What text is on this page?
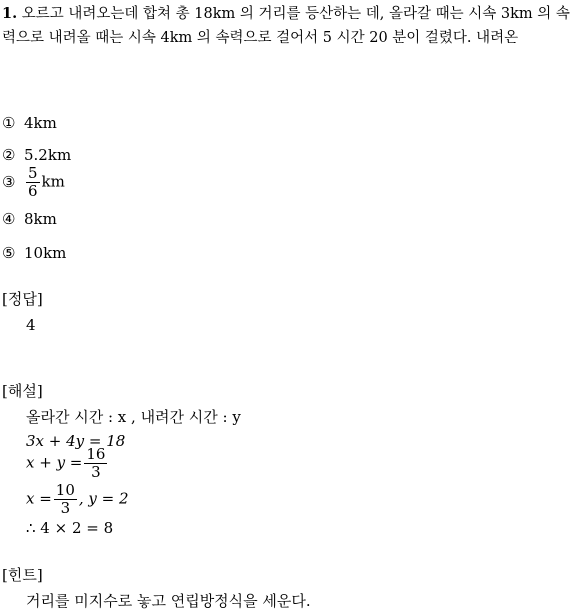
1. 오르고 내려오는데 합쳐 총 18km 의 거리를 등산하는 데, 올라갈 때는 시속 3km 의 속력으로 내려올 때는 시속 4km 의 속력으로 걸어서 5 시간 20 분이 걸렸다. 내려온
① 4km
② 5.2km
③ $\frac{5}{6}$ km
④ 8km
⑤ 10km
[정답]
4
[해설]
올라간 시간 : x , 내려간 시간 : y
3x + 4y = 18
$x + y = \frac{16}{3}$
$x = \frac{10}{3}$ , y = 2
∴ 4 × 2 = 8
[힌트]
거리를 미지수로 놓고 연립방정식을 세운다.
